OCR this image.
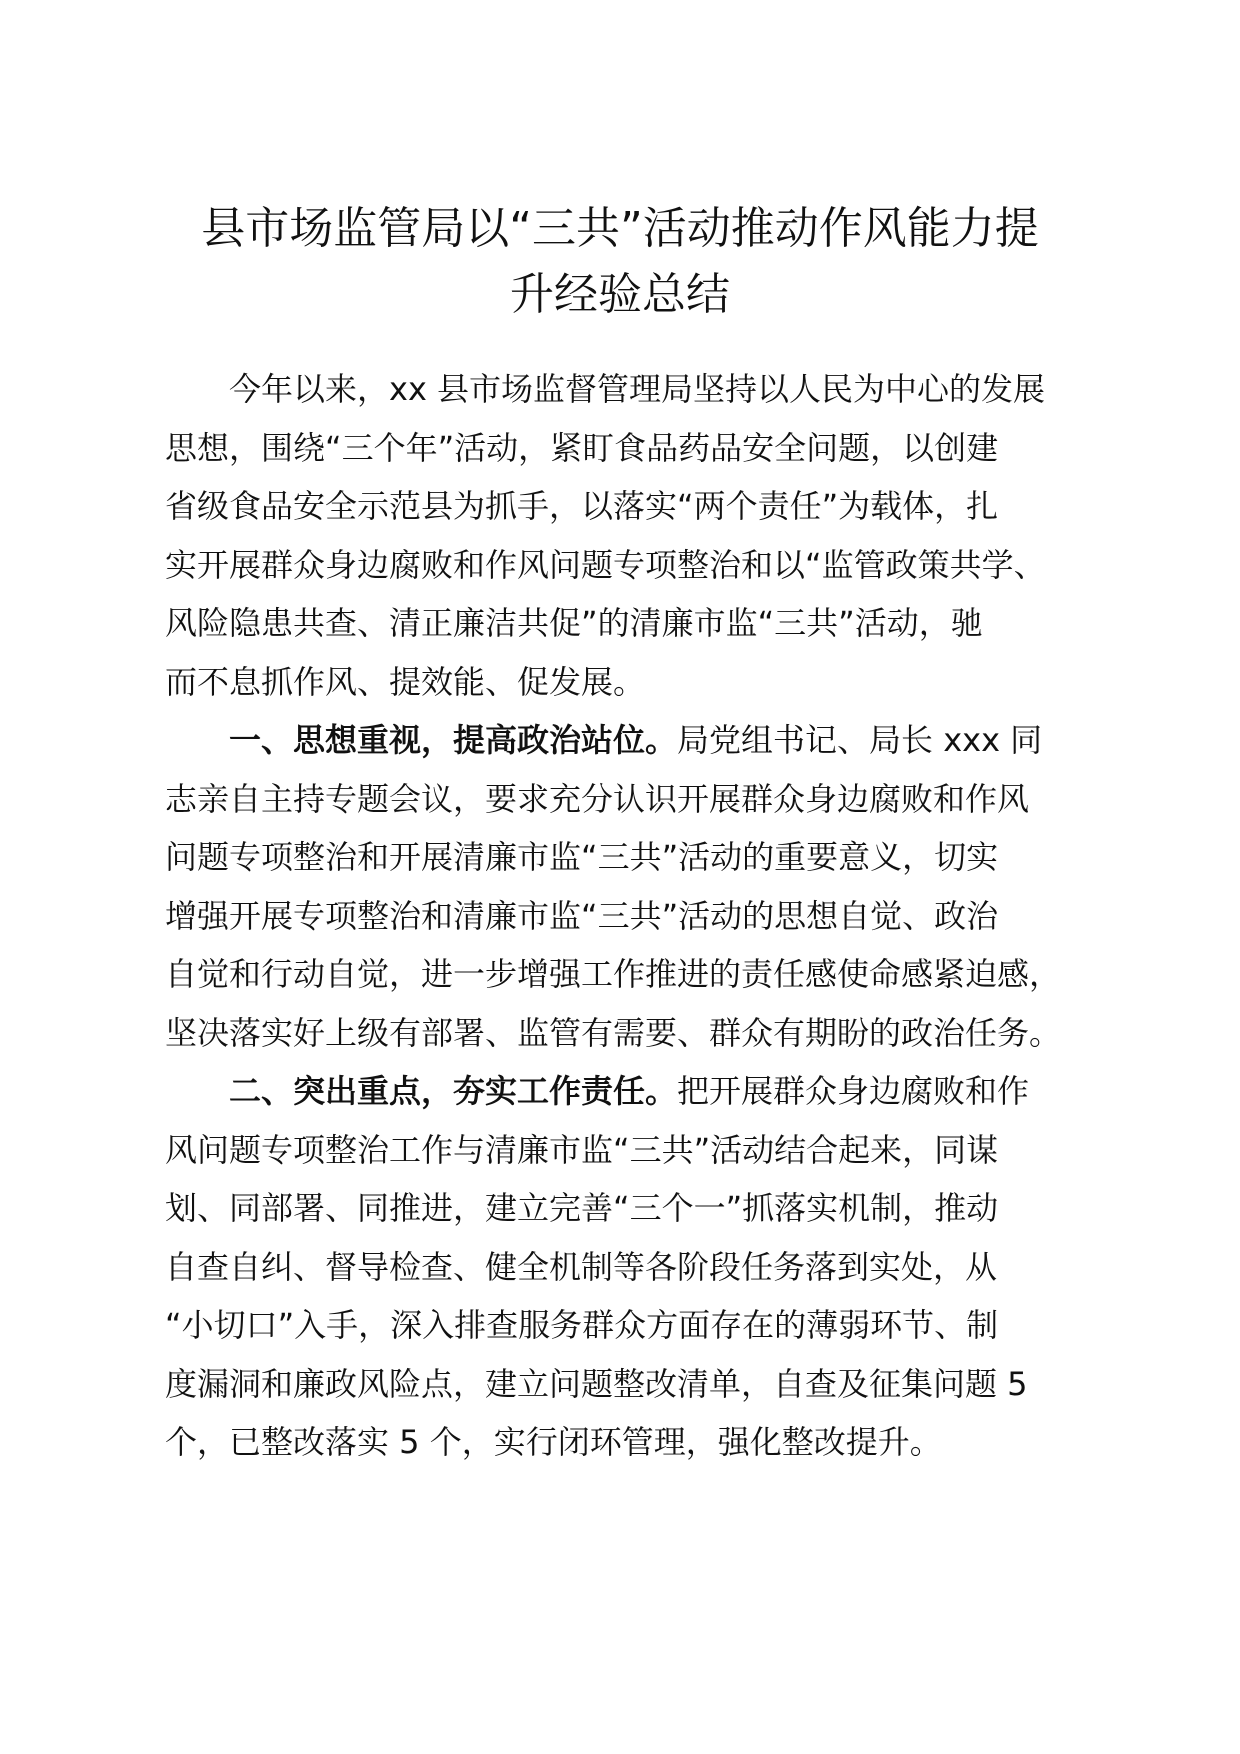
县市场监管局以“三共”活动推动作风能力提
升经验总结
今年以来，xx 县市场监督管理局坚持以人民为中心的发展
思想，围绕“三个年”活动，紧盯食品药品安全问题，以创建
省级食品安全示范县为抓手，以落实“两个责任”为载体，扎
实开展群众身边腐败和作风问题专项整治和以“监管政策共学、
风险隐患共查、清正廉洁共促”的清廉市监“三共”活动，驰
而不息抓作风、提效能、促发展。
一、思想重视，提高政治站位。局党组书记、局长 xxx 同
志亲自主持专题会议，要求充分认识开展群众身边腐败和作风
问题专项整治和开展清廉市监“三共”活动的重要意义，切实
增强开展专项整治和清廉市监“三共”活动的思想自觉、政治
自觉和行动自觉，进一步增强工作推进的责任感使命感紧迫感，
坚决落实好上级有部署、监管有需要、群众有期盼的政治任务。
二、突出重点，夯实工作责任。把开展群众身边腐败和作
风问题专项整治工作与清廉市监“三共”活动结合起来，同谋
划、同部署、同推进，建立完善“三个一”抓落实机制，推动
自查自纠、督导检查、健全机制等各阶段任务落到实处，从
“小切口”入手，深入排查服务群众方面存在的薄弱环节、制
度漏洞和廉政风险点，建立问题整改清单，自查及征集问题 5
个，已整改落实 5 个，实行闭环管理，强化整改提升。
